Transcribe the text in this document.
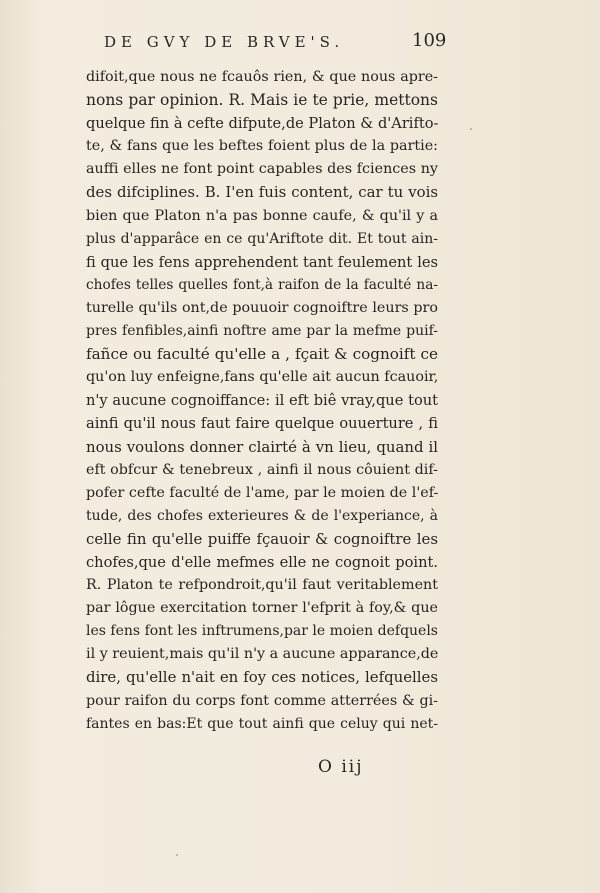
DE GVY DE BRVE'S.	109
difoit,que nous ne fcauôs rien, & que nous apre-
nons par opinion. R. Mais ie te prie, mettons
quelque fin à cefte difpute,de Platon & d'Arifto-
te, & fans que les beftes foient plus de la partie:
auffi elles ne font point capables des fciences ny
des difciplines. B. I'en fuis content, car tu vois
bien que Platon n'a pas bonne caufe, & qu'il y a
plus d'apparâce en ce qu'Ariftote dit. Et tout ain-
fi que les fens apprehendent tant feulement les
chofes telles quelles font,à raifon de la faculté na-
turelle qu'ils ont,de pouuoir cognoiftre leurs pro
pres fenfibles,ainfi noftre ame par la mefme puif-
fañce ou faculté qu'elle a , fçait & cognoift ce
qu'on luy enfeigne,fans qu'elle ait aucun fcauoir,
n'y aucune cognoiffance: il eft biê vray,que tout
ainfi qu'il nous faut faire quelque ouuerture , fi
nous voulons donner clairté à vn lieu, quand il
eft obfcur & tenebreux , ainfi il nous côuient dif-
pofer cefte faculté de l'ame, par le moien de l'ef-
tude, des chofes exterieures & de l'experiance, à
celle fin qu'elle puiffe fçauoir & cognoiftre les
chofes,que d'elle mefmes elle ne cognoit point.
R. Platon te refpondroit,qu'il faut veritablement
par lôgue exercitation torner l'efprit à foy,& que
les fens font les inftrumens,par le moien defquels
il y reuient,mais qu'il n'y a aucune apparance,de
dire, qu'elle n'ait en foy ces notices, lefquelles
pour raifon du corps font comme atterrées & gi-
fantes en bas:Et que tout ainfi que celuy qui net-
O iij
